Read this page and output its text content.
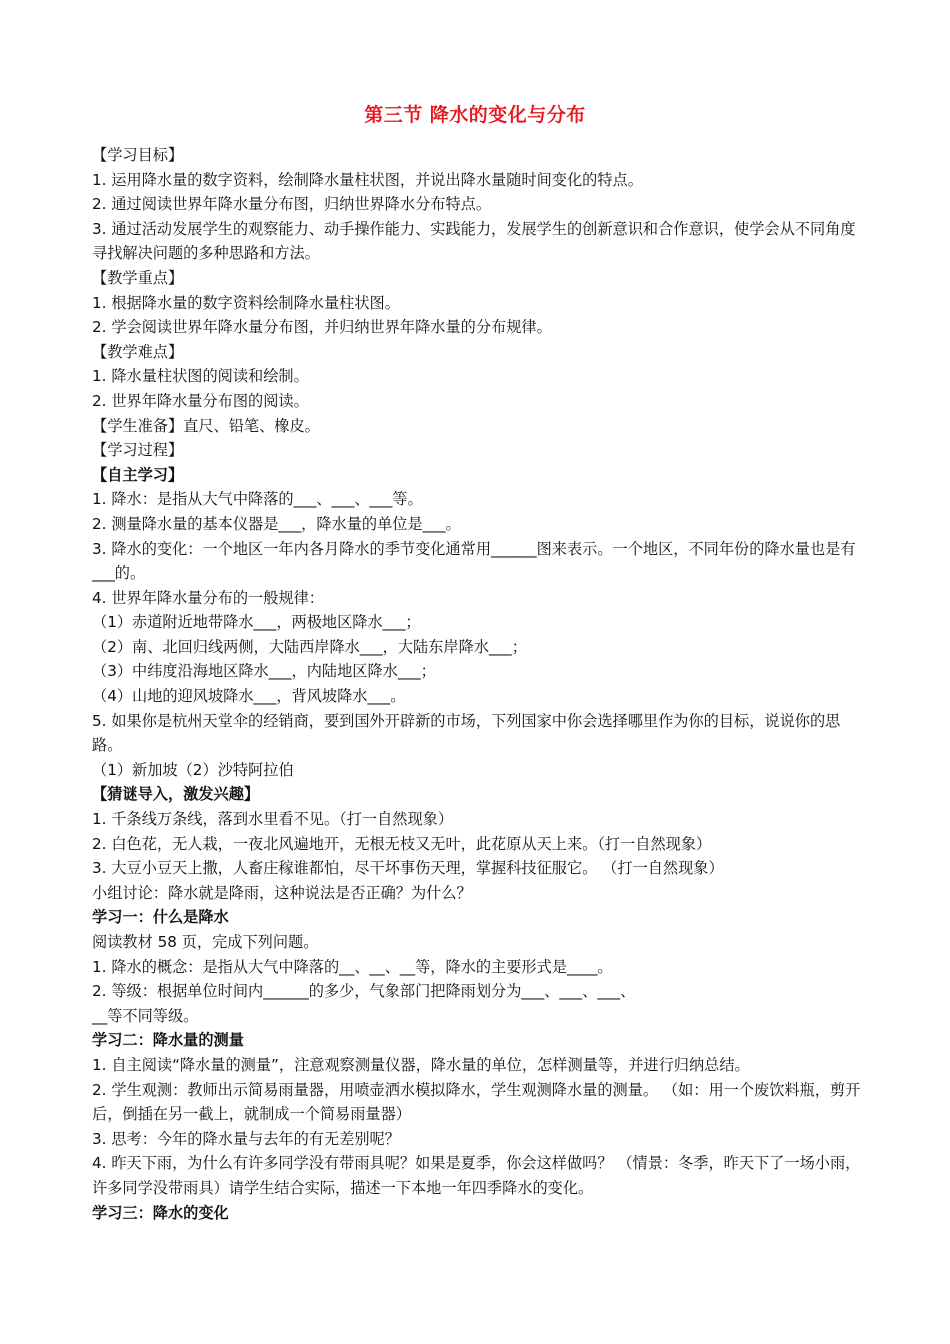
第三节 降水的变化与分布
【学习目标】
1. 运用降水量的数字资料，绘制降水量柱状图，并说出降水量随时间变化的特点。
2. 通过阅读世界年降水量分布图，归纳世界降水分布特点。
3. 通过活动发展学生的观察能力、动手操作能力、实践能力，发展学生的创新意识和合作意识，使学会从不同角度寻找解决问题的多种思路和方法。
【教学重点】
1. 根据降水量的数字资料绘制降水量柱状图。
2. 学会阅读世界年降水量分布图，并归纳世界年降水量的分布规律。
【教学难点】
1. 降水量柱状图的阅读和绘制。
2. 世界年降水量分布图的阅读。
【学生准备】直尺、铅笔、橡皮。
【学习过程】
【自主学习】
1. 降水：是指从大气中降落的___、___、___等。
2. 测量降水量的基本仪器是___，降水量的单位是___。
3. 降水的变化：一个地区一年内各月降水的季节变化通常用______图来表示。一个地区，不同年份的降水量也是有___的。
4. 世界年降水量分布的一般规律：
（1）赤道附近地带降水___，两极地区降水___；
（2）南、北回归线两侧，大陆西岸降水___，大陆东岸降水___；
（3）中纬度沿海地区降水___，内陆地区降水___；
（4）山地的迎风坡降水___，背风坡降水___。
5. 如果你是杭州天堂伞的经销商，要到国外开辟新的市场，下列国家中你会选择哪里作为你的目标，说说你的思路。
（1）新加坡（2）沙特阿拉伯
【猜谜导入，激发兴趣】
1. 千条线万条线，落到水里看不见。（打一自然现象）
2. 白色花，无人栽，一夜北风遍地开，无根无枝又无叶，此花原从天上来。（打一自然现象）
3. 大豆小豆天上撒，人畜庄稼谁都怕，尽干坏事伤天理，掌握科技征服它。 （打一自然现象）
小组讨论：降水就是降雨，这种说法是否正确？为什么？
学习一：什么是降水
阅读教材 58 页，完成下列问题。
1. 降水的概念：是指从大气中降落的__、__、__等，降水的主要形式是____。
2. 等级：根据单位时间内______的多少，气象部门把降雨划分为___、___、___、
__等不同等级。
学习二：降水量的测量
1. 自主阅读“降水量的测量”，注意观察测量仪器，降水量的单位，怎样测量等，并进行归纳总结。
2. 学生观测：教师出示简易雨量器，用喷壶洒水模拟降水，学生观测降水量的测量。 （如：用一个废饮料瓶，剪开后，倒插在另一截上，就制成一个简易雨量器）
3. 思考：今年的降水量与去年的有无差别呢？
4. 昨天下雨，为什么有许多同学没有带雨具呢？如果是夏季，你会这样做吗？ （情景：冬季，昨天下了一场小雨，许多同学没带雨具）请学生结合实际，描述一下本地一年四季降水的变化。
学习三：降水的变化
